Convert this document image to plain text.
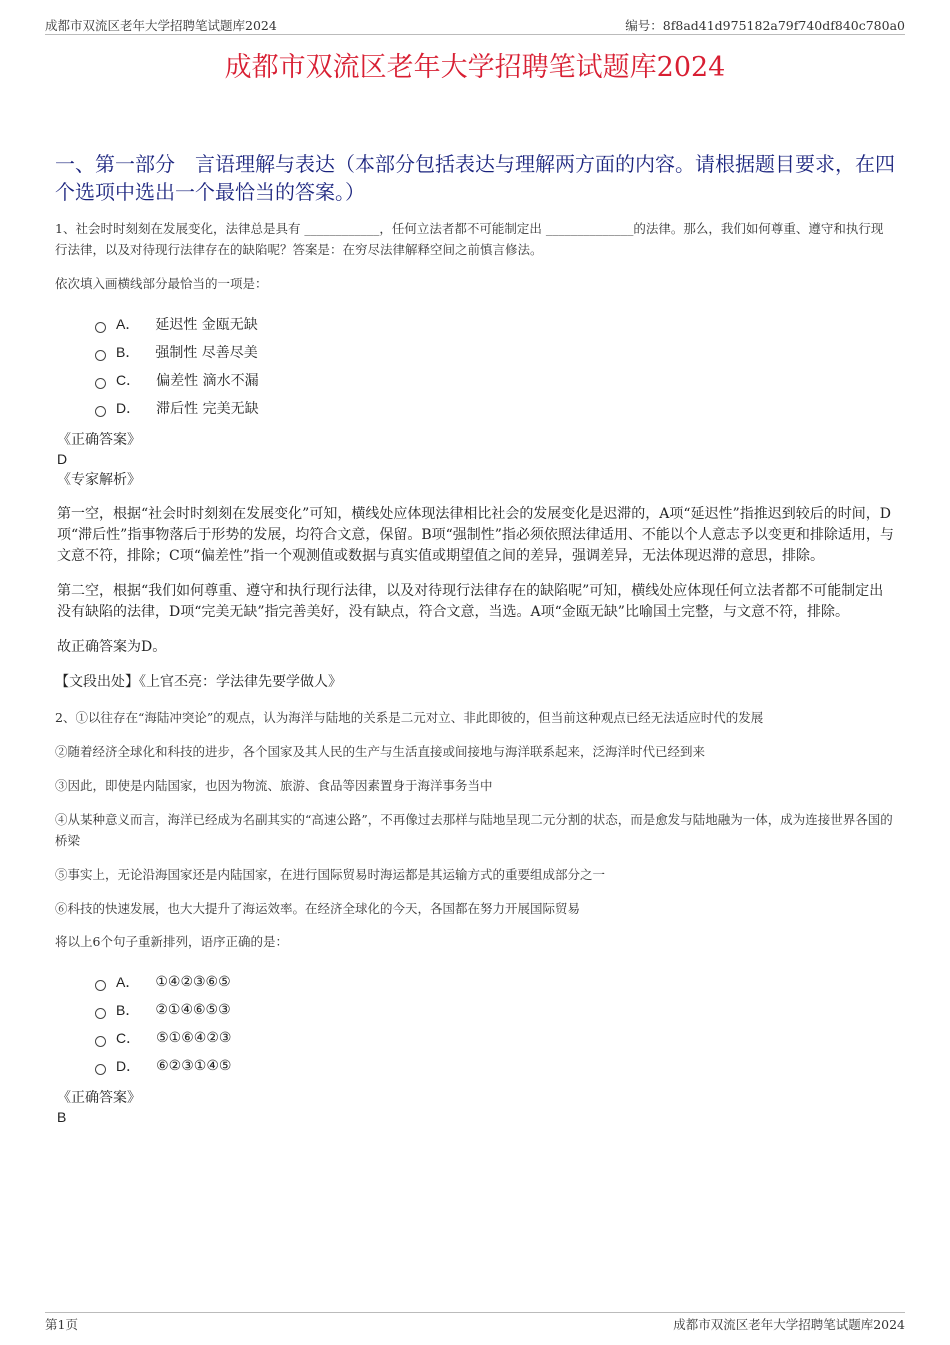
成都市双流区老年大学招聘笔试题库2024	编号：8f8ad41d975182a79f740df840c780a0
成都市双流区老年大学招聘笔试题库2024
一、第一部分　言语理解与表达（本部分包括表达与理解两方面的内容。请根据题目要求，在四个选项中选出一个最恰当的答案。）
1、社会时时刻刻在发展变化，法律总是具有 ____________，任何立法者都不可能制定出 ______________的法律。那么，我们如何尊重、遵守和执行现行法律，以及对待现行法律存在的缺陷呢？答案是：在穷尽法律解释空间之前慎言修法。
依次填入画横线部分最恰当的一项是：
A． 延迟性 金瓯无缺
B． 强制性 尽善尽美
C． 偏差性 滴水不漏
D． 滞后性 完美无缺
《正确答案》
D
《专家解析》
第一空，根据“社会时时刻刻在发展变化”可知，横线处应体现法律相比社会的发展变化是迟滞的，A项“延迟性”指推迟到较后的时间，D项“滞后性”指事物落后于形势的发展，均符合文意，保留。B项“强制性”指必须依照法律适用、不能以个人意志予以变更和排除适用，与文意不符，排除；C项“偏差性”指一个观测值或数据与真实值或期望值之间的差异，强调差异，无法体现迟滞的意思，排除。
第二空，根据“我们如何尊重、遵守和执行现行法律，以及对待现行法律存在的缺陷呢”可知，横线处应体现任何立法者都不可能制定出没有缺陷的法律，D项“完美无缺”指完善美好，没有缺点，符合文意，当选。A项“金瓯无缺”比喻国土完整，与文意不符，排除。
故正确答案为D。
【文段出处】《上官丕亮：学法律先要学做人》
2、①以往存在“海陆冲突论”的观点，认为海洋与陆地的关系是二元对立、非此即彼的，但当前这种观点已经无法适应时代的发展
②随着经济全球化和科技的进步，各个国家及其人民的生产与生活直接或间接地与海洋联系起来，泛海洋时代已经到来
③因此，即使是内陆国家，也因为物流、旅游、食品等因素置身于海洋事务当中
④从某种意义而言，海洋已经成为名副其实的“高速公路”，不再像过去那样与陆地呈现二元分割的状态，而是愈发与陆地融为一体，成为连接世界各国的桥梁
⑤事实上，无论沿海国家还是内陆国家，在进行国际贸易时海运都是其运输方式的重要组成部分之一
⑥科技的快速发展，也大大提升了海运效率。在经济全球化的今天，各国都在努力开展国际贸易
将以上6个句子重新排列，语序正确的是：
A． ①④②③⑥⑤
B． ②①④⑥⑤③
C． ⑤①⑥④②③
D． ⑥②③①④⑤
《正确答案》
B
第1页	成都市双流区老年大学招聘笔试题库2024
